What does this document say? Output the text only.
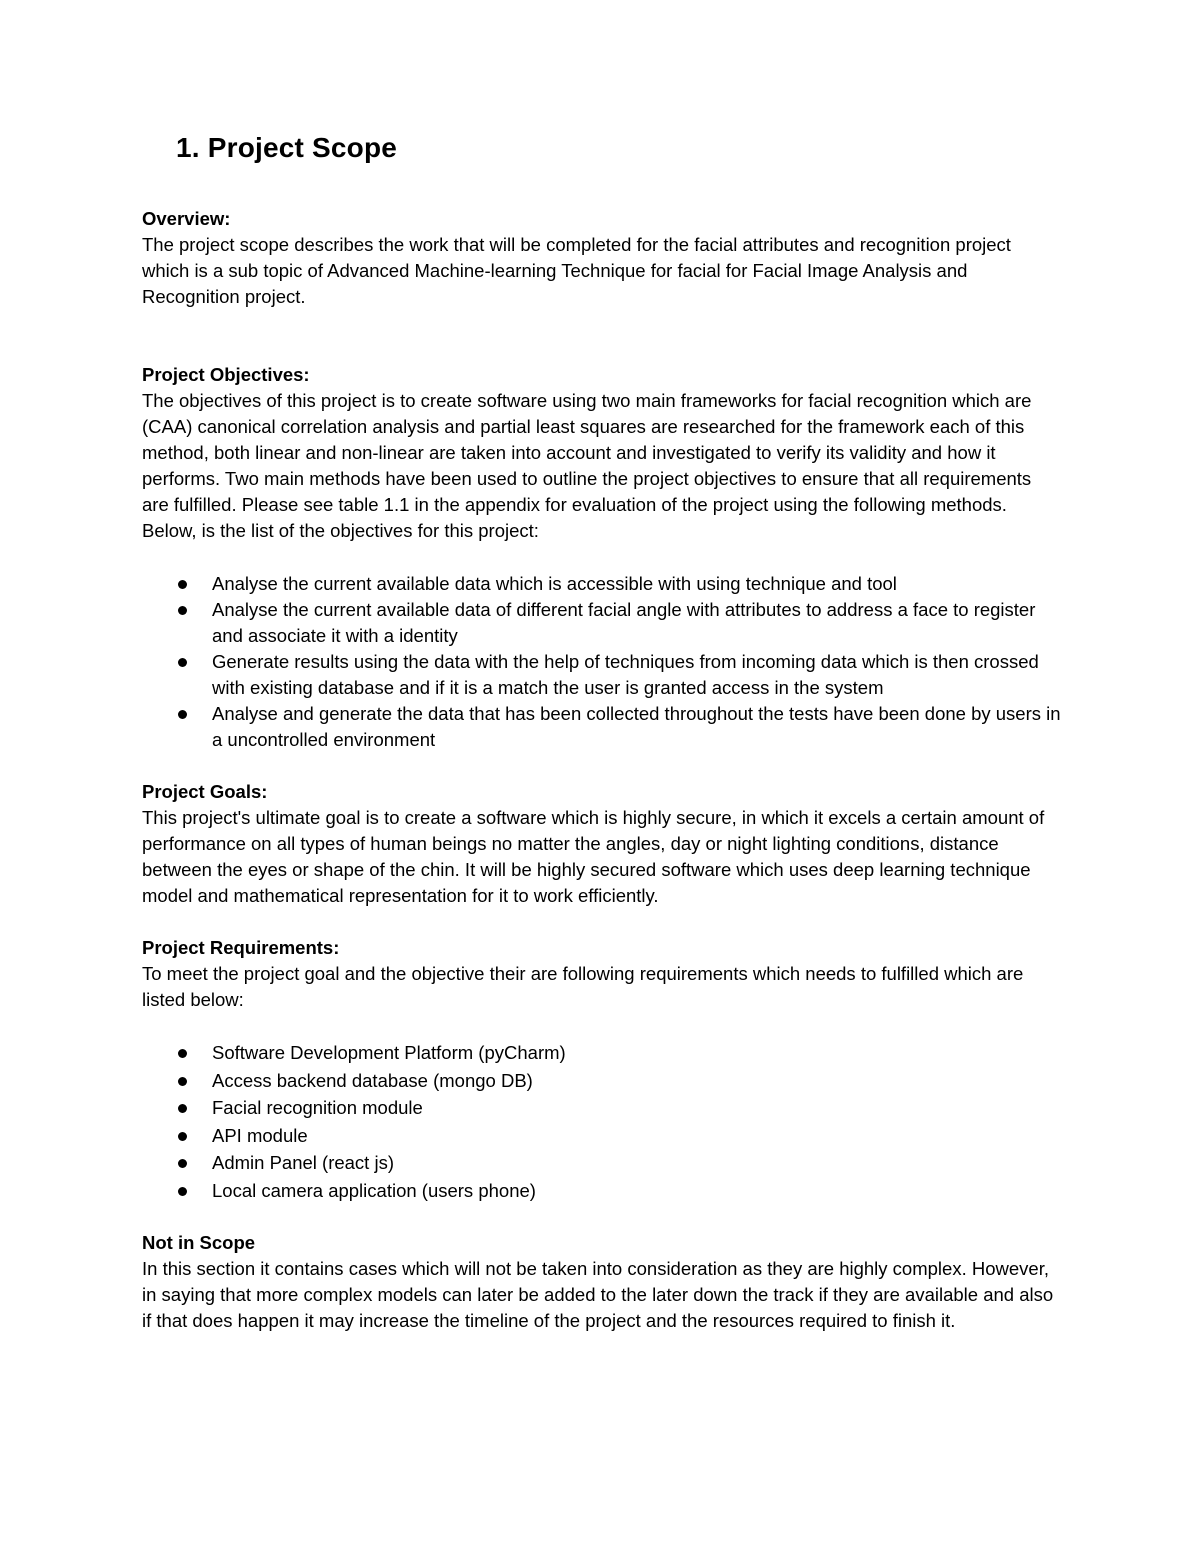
1. Project Scope

Overview:

The project scope describes the work that will be completed for the facial attributes and recognition project which is a sub topic of Advanced Machine-learning Technique for facial for Facial Image Analysis and Recognition project.

Project Objectives:

The objectives of this project is to create software using two main frameworks for facial recognition which are (CAA) canonical correlation analysis and partial least squares are researched for the framework each of this method, both linear and non-linear are taken into account and investigated to verify its validity and how it performs. Two main methods have been used to outline the project objectives to ensure that all requirements are fulfilled. Please see table 1.1 in the appendix for evaluation of the project using the following methods. Below, is the list of the objectives for this project:

Analyse the current available data which is accessible with using technique and tool
Analyse the current available data of different facial angle with attributes to address a face to register and associate it with a identity
Generate results using the data with the help of techniques from incoming data which is then crossed with existing database and if it is a match the user is granted access in the system
Analyse and generate the data that has been collected throughout the tests have been done by users in a uncontrolled environment

Project Goals:

This project's ultimate goal is to create a software which is highly secure, in which it excels a certain amount of performance on all types of human beings no matter the angles, day or night lighting conditions, distance between the eyes or shape of the chin. It will be highly secured software which uses deep learning technique model and mathematical representation for it to work efficiently.

Project Requirements:

To meet the project goal and the objective their are following requirements which needs to fulfilled which are listed below:

Software Development Platform (pyCharm)
Access backend database (mongo DB)
Facial recognition module
API module
Admin Panel (react js)
Local camera application (users phone)

Not in Scope

In this section it contains cases which will not be taken into consideration as they are highly complex. However, in saying that more complex models can later be added to the later down the track if they are available and also if that does happen it may increase the timeline of the project and the resources required to finish it.
